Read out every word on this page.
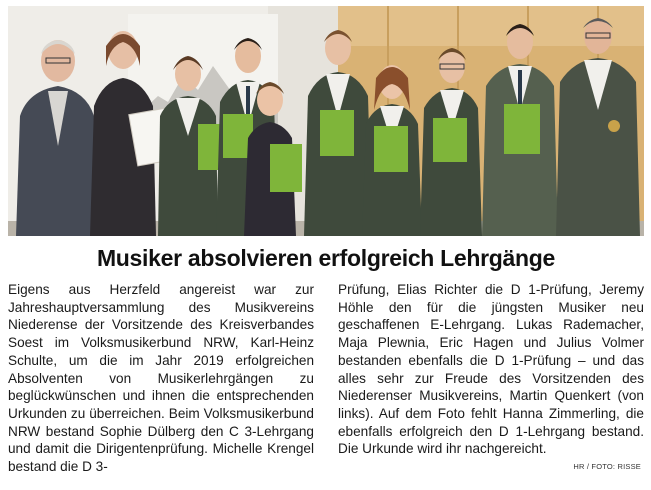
Musiker absolvieren erfolgreich Lehrgänge

Eigens aus Herzfeld angereist war zur Jahreshauptversammlung des Musikvereins Niederense der Vorsitzende des Kreisverbandes Soest im Volksmusikerbund NRW, Karl-Heinz Schulte, um die im Jahr 2019 erfolgreichen Absolventen von Musikerlehrgängen zu beglückwünschen und ihnen die entsprechenden Urkunden zu überreichen. Beim Volksmusikerbund NRW bestand Sophie Dülberg den C 3-Lehrgang und damit die Dirigentenprüfung. Michelle Krengel bestand die D 3-

Prüfung, Elias Richter die D 1-Prüfung, Jeremy Höhle den für die jüngsten Musiker neu geschaffenen E-Lehrgang. Lukas Rademacher, Maja Plewnia, Eric Hagen und Julius Volmer bestanden ebenfalls die D 1-Prüfung – und das alles sehr zur Freude des Vorsitzenden des Niederenser Musikvereins, Martin Quenkert (von links). Auf dem Foto fehlt Hanna Zimmerling, die ebenfalls erfolgreich den D 1-Lehrgang bestand. Die Urkunde wird ihr nachgereicht.

HR / FOTO: RISSE
